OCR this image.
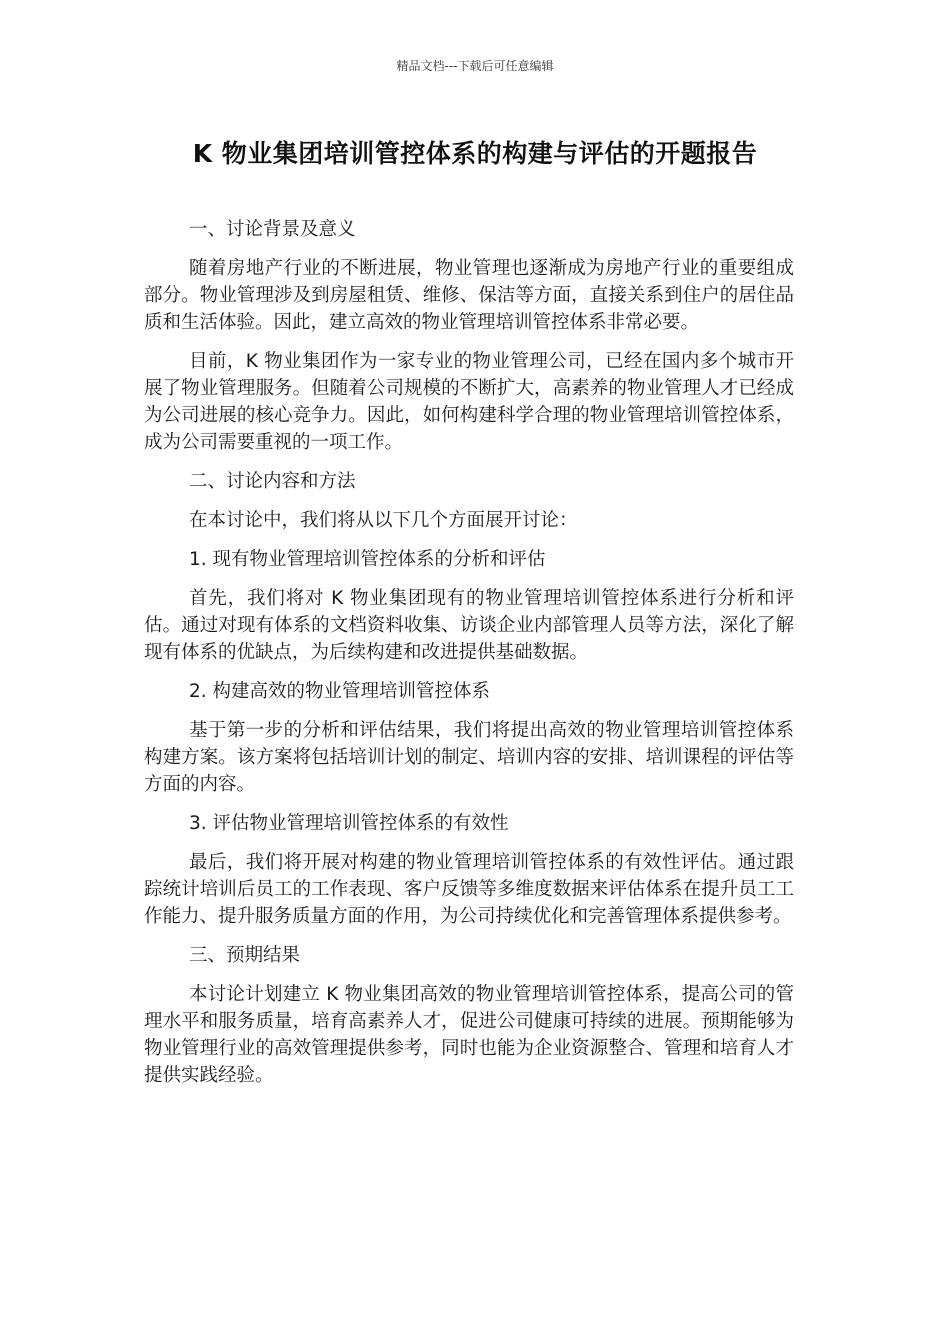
精品文档---下载后可任意编辑
K 物业集团培训管控体系的构建与评估的开题报告

一、讨论背景及意义

随着房地产行业的不断进展，物业管理也逐渐成为房地产行业的重要组成部分。物业管理涉及到房屋租赁、维修、保洁等方面，直接关系到住户的居住品质和生活体验。因此，建立高效的物业管理培训管控体系非常必要。

目前，K 物业集团作为一家专业的物业管理公司，已经在国内多个城市开展了物业管理服务。但随着公司规模的不断扩大，高素养的物业管理人才已经成为公司进展的核心竞争力。因此，如何构建科学合理的物业管理培训管控体系，成为公司需要重视的一项工作。

二、讨论内容和方法

在本讨论中，我们将从以下几个方面展开讨论：

1. 现有物业管理培训管控体系的分析和评估

首先，我们将对 K 物业集团现有的物业管理培训管控体系进行分析和评估。通过对现有体系的文档资料收集、访谈企业内部管理人员等方法，深化了解现有体系的优缺点，为后续构建和改进提供基础数据。

2. 构建高效的物业管理培训管控体系

基于第一步的分析和评估结果，我们将提出高效的物业管理培训管控体系构建方案。该方案将包括培训计划的制定、培训内容的安排、培训课程的评估等方面的内容。

3. 评估物业管理培训管控体系的有效性

最后，我们将开展对构建的物业管理培训管控体系的有效性评估。通过跟踪统计培训后员工的工作表现、客户反馈等多维度数据来评估体系在提升员工工作能力、提升服务质量方面的作用，为公司持续优化和完善管理体系提供参考。

三、预期结果

本讨论计划建立 K 物业集团高效的物业管理培训管控体系，提高公司的管理水平和服务质量，培育高素养人才，促进公司健康可持续的进展。预期能够为物业管理行业的高效管理提供参考，同时也能为企业资源整合、管理和培育人才提供实践经验。
